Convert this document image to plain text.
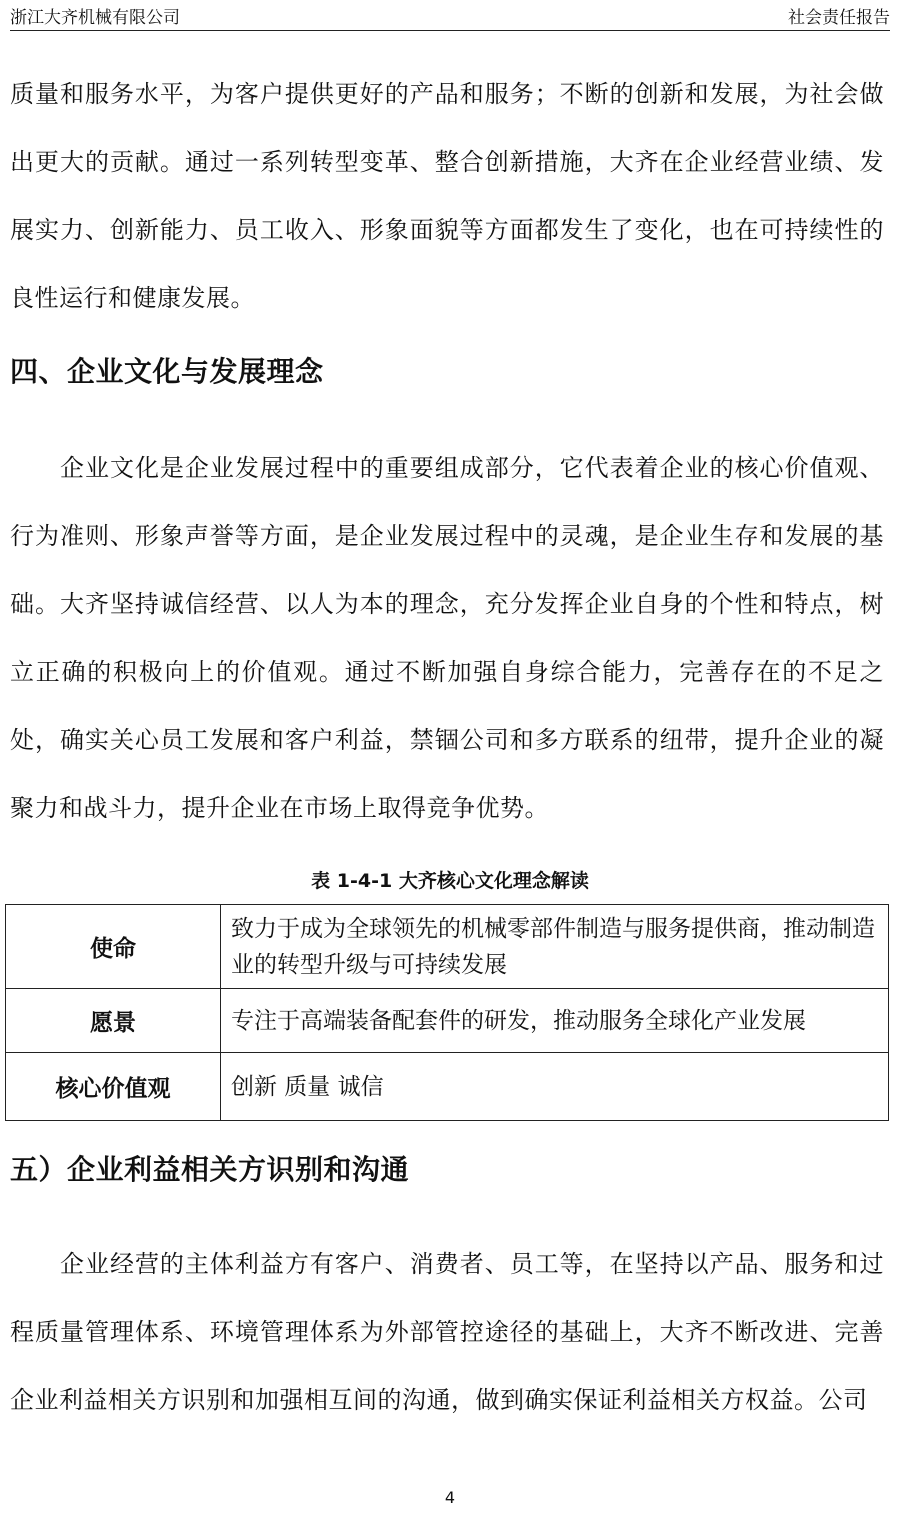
浙江大齐机械有限公司	社会责任报告

质量和服务水平，为客户提供更好的产品和服务；不断的创新和发展，为社会做出更大的贡献。通过一系列转型变革、整合创新措施，大齐在企业经营业绩、发展实力、创新能力、员工收入、形象面貌等方面都发生了变化，也在可持续性的良性运行和健康发展。

四、企业文化与发展理念

企业文化是企业发展过程中的重要组成部分，它代表着企业的核心价值观、行为准则、形象声誉等方面，是企业发展过程中的灵魂，是企业生存和发展的基础。大齐坚持诚信经营、以人为本的理念，充分发挥企业自身的个性和特点，树立正确的积极向上的价值观。通过不断加强自身综合能力，完善存在的不足之处，确实关心员工发展和客户利益，禁锢公司和多方联系的纽带，提升企业的凝聚力和战斗力，提升企业在市场上取得竞争优势。

表 1-4-1 大齐核心文化理念解读
使命	致力于成为全球领先的机械零部件制造与服务提供商，推动制造业的转型升级与可持续发展
愿景	专注于高端装备配套件的研发，推动服务全球化产业发展
核心价值观	创新 质量 诚信
五）企业利益相关方识别和沟通

企业经营的主体利益方有客户、消费者、员工等，在坚持以产品、服务和过程质量管理体系、环境管理体系为外部管控途径的基础上，大齐不断改进、完善企业利益相关方识别和加强相互间的沟通，做到确实保证利益相关方权益。公司

4
